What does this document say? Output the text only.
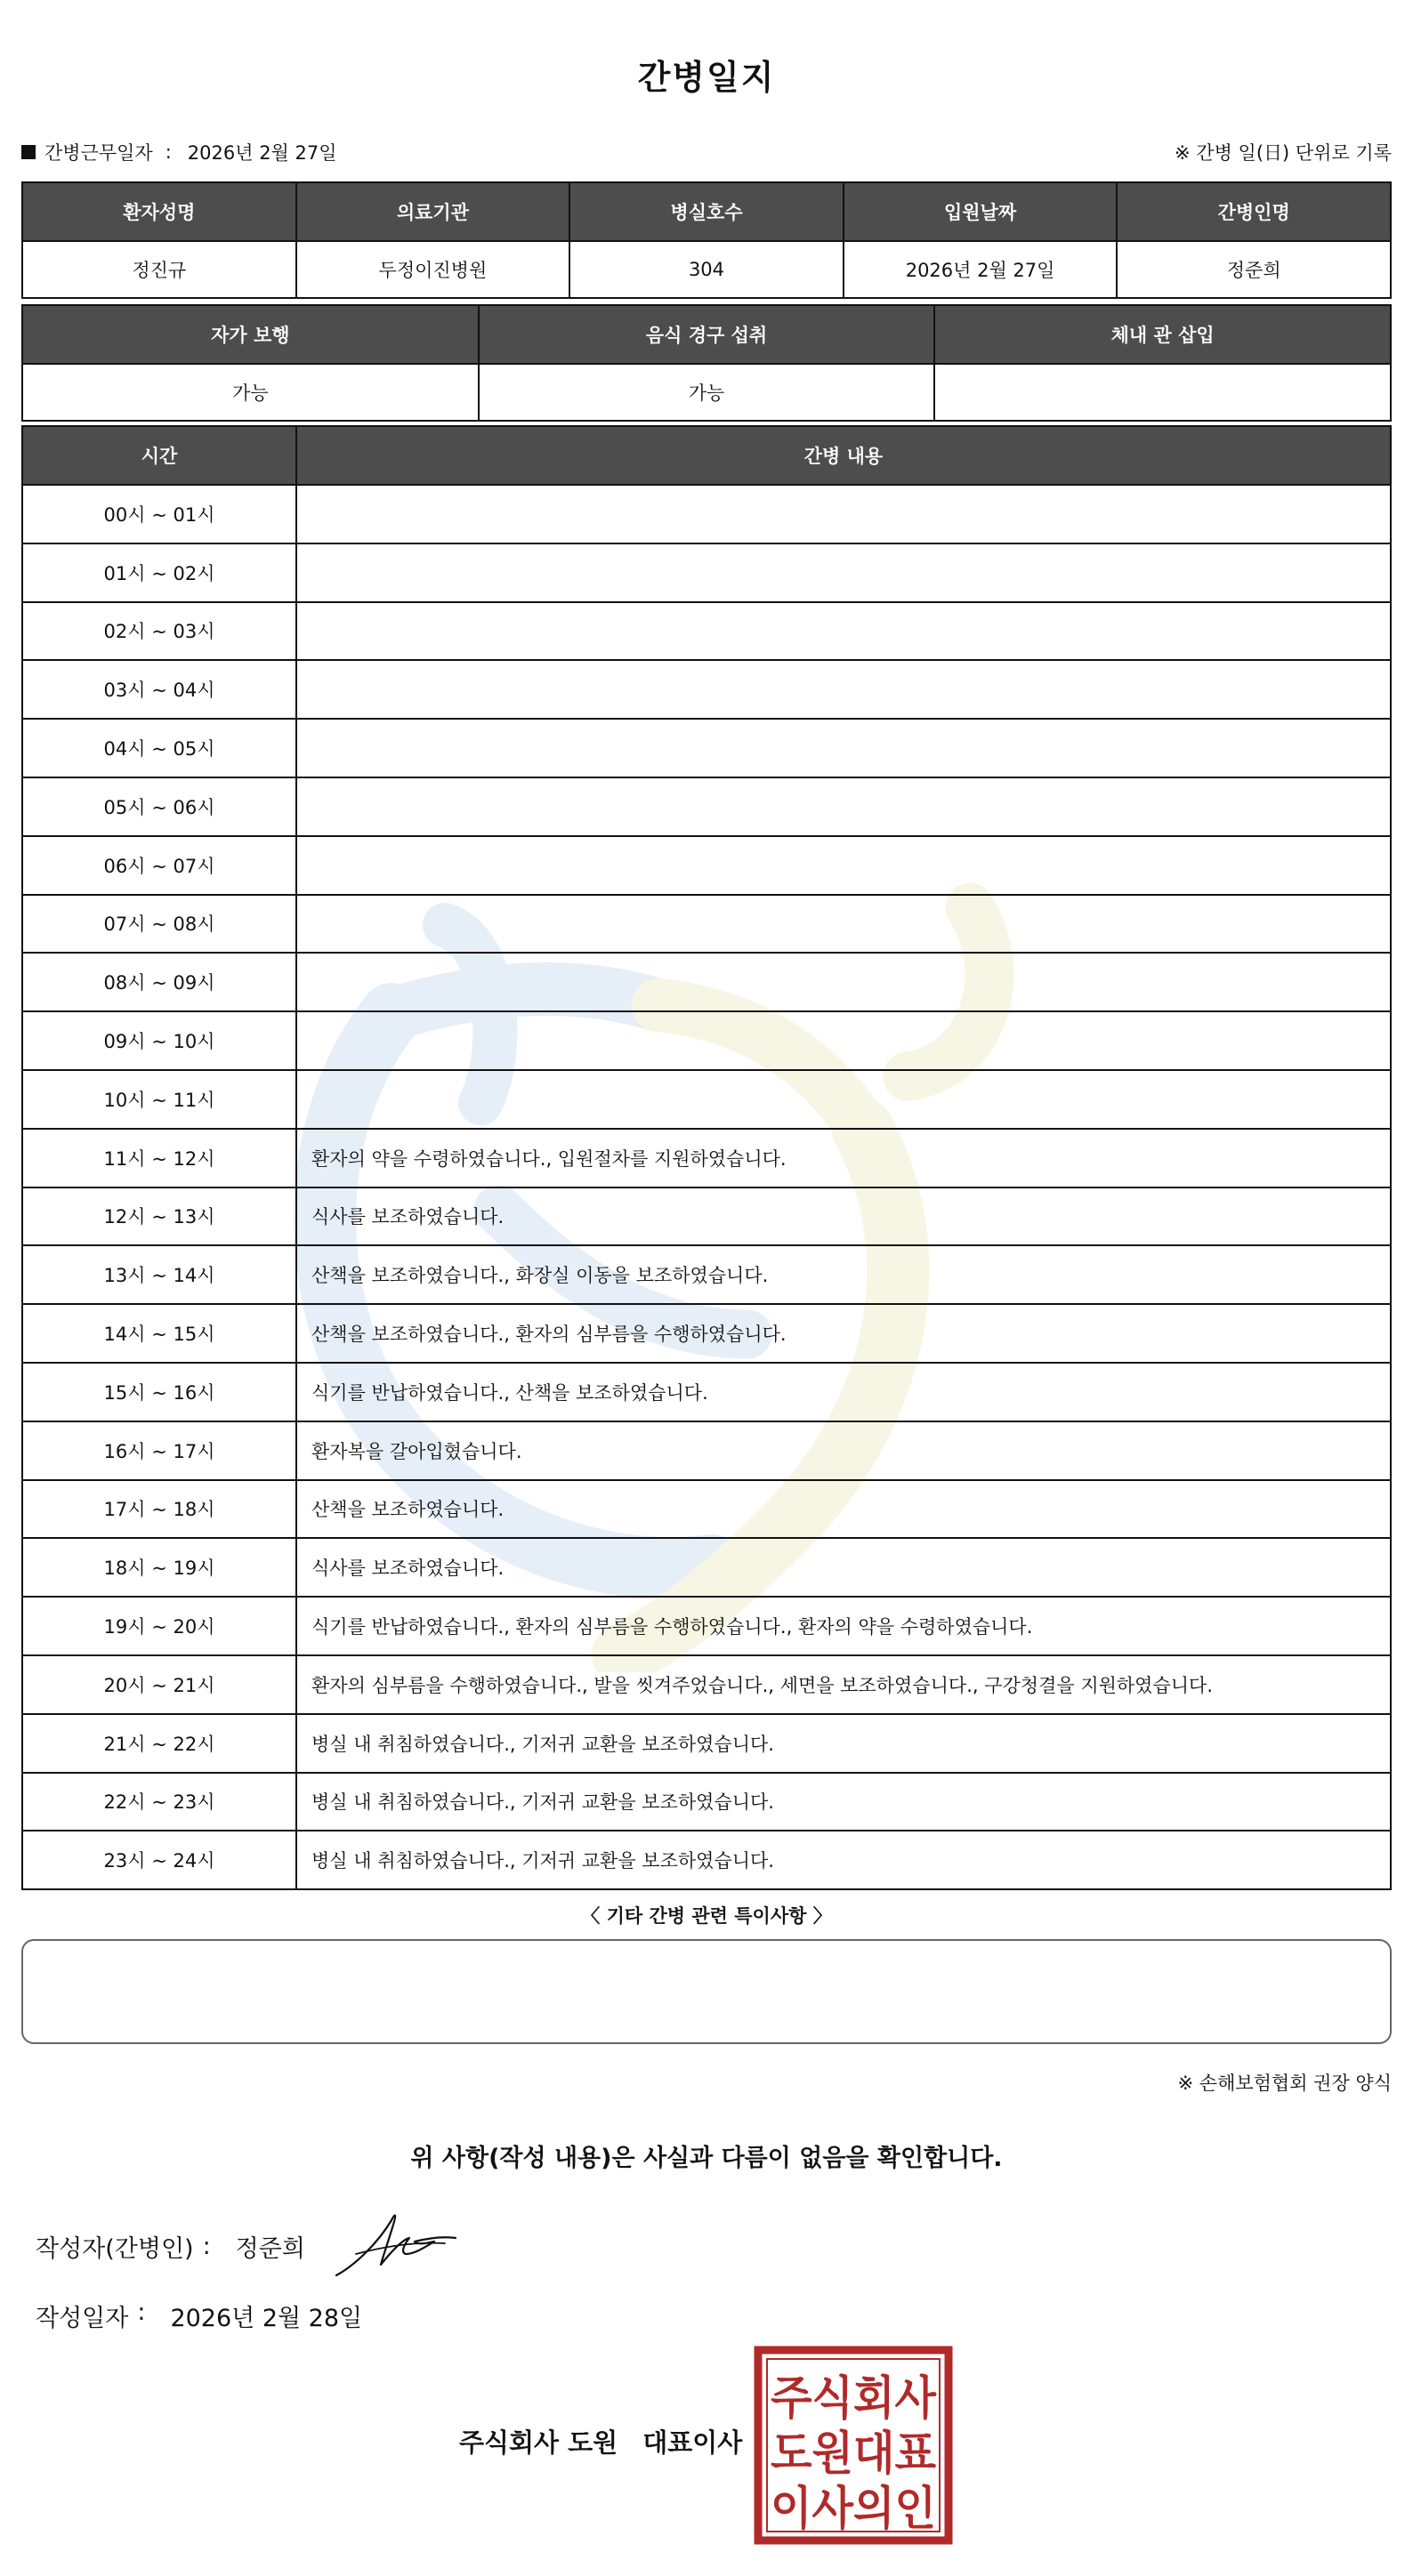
간병일지
간병근무일자 : 2026년 2월 27일	※ 간병 일(日) 단위로 기록
환자성명	의료기관	병실호수	입원날짜	간병인명
정진규	두정이진병원	304	2026년 2월 27일	정준희
자가 보행	음식 경구 섭취	체내 관 삽입
가능	가능	
시간	간병 내용
00시 ~ 01시	
01시 ~ 02시	
02시 ~ 03시	
03시 ~ 04시	
04시 ~ 05시	
05시 ~ 06시	
06시 ~ 07시	
07시 ~ 08시	
08시 ~ 09시	
09시 ~ 10시	
10시 ~ 11시	
11시 ~ 12시	환자의 약을 수령하였습니다., 입원절차를 지원하였습니다.
12시 ~ 13시	식사를 보조하였습니다.
13시 ~ 14시	산책을 보조하였습니다., 화장실 이동을 보조하였습니다.
14시 ~ 15시	산책을 보조하였습니다., 환자의 심부름을 수행하였습니다.
15시 ~ 16시	식기를 반납하였습니다., 산책을 보조하였습니다.
16시 ~ 17시	환자복을 갈아입혔습니다.
17시 ~ 18시	산책을 보조하였습니다.
18시 ~ 19시	식사를 보조하였습니다.
19시 ~ 20시	식기를 반납하였습니다., 환자의 심부름을 수행하였습니다., 환자의 약을 수령하였습니다.
20시 ~ 21시	환자의 심부름을 수행하였습니다., 발을 씻겨주었습니다., 세면을 보조하였습니다., 구강청결을 지원하였습니다.
21시 ~ 22시	병실 내 취침하였습니다., 기저귀 교환을 보조하였습니다.
22시 ~ 23시	병실 내 취침하였습니다., 기저귀 교환을 보조하였습니다.
23시 ~ 24시	병실 내 취침하였습니다., 기저귀 교환을 보조하였습니다.
〈 기타 간병 관련 특이사항 〉
※ 손해보험협회 권장 양식
위 사항(작성 내용)은 사실과 다름이 없음을 확인합니다.
작성자(간병인) : 정준희
작성일자 : 2026년 2월 28일
주식회사 도원 대표이사
주식회사
도원대표
이사의인
